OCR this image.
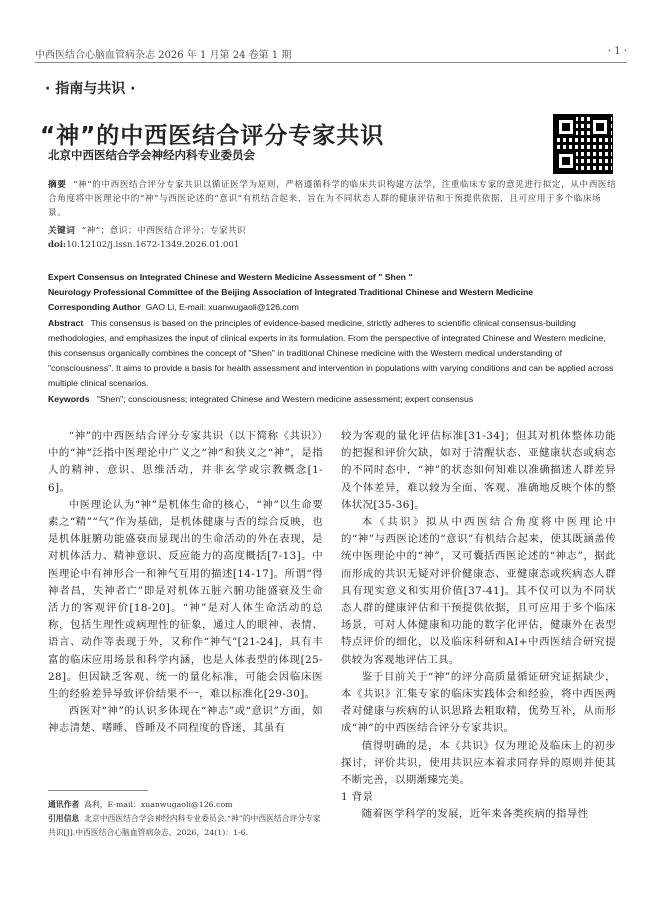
中西医结合心脑血管病杂志 2026 年 1 月第 24 卷第 1 期	· 1 ·
· 指南与共识 ·
“神”的中西医结合评分专家共识
北京中西医结合学会神经内科专业委员会
摘要 “神”的中西医结合评分专家共识以循证医学为原则，严格遵循科学的临床共识构建方法学，注重临床专家的意见进行拟定，从中西医结合角度将中医理论中的“神”与西医论述的“意识”有机结合起来，旨在为不同状态人群的健康评估和干预提供依据，且可应用于多个临床场景。
关键词 “神”；意识；中西医结合评分；专家共识
doi:10.12102/j.issn.1672-1349.2026.01.001
Expert Consensus on Integrated Chinese and Western Medicine Assessment of " Shen "
Neurology Professional Committee of the Beijing Association of Integrated Traditional Chinese and Western Medicine
Corresponding Author GAO Li, E-mail: xuanwugaoli@126.com
Abstract This consensus is based on the principles of evidence-based medicine, strictly adheres to scientific clinical consensus-building methodologies, and emphasizes the input of clinical experts in its formulation. From the perspective of integrated Chinese and Western medicine, this consensus organically combines the concept of "Shen" in traditional Chinese medicine with the Western medical understanding of "consciousness". It aims to provide a basis for health assessment and intervention in populations with varying conditions and can be applied across multiple clinical scenarios.
Keywords "Shen"; consciousness; integrated Chinese and Western medicine assessment; expert consensus

“神”的中西医结合评分专家共识（以下简称《共识》）中的“神”泛指中医理论中广义之“神”和狭义之“神”，是指人的精神、意识、思维活动，并非玄学或宗教概念[1-6]。

中医理论认为“神”是机体生命的核心，“神”以生命要素之“精”“气”作为基础，是机体健康与否的综合反映，也是机体脏腑功能盛衰而显现出的生命活动的外在表现，是对机体活力、精神意识、反应能力的高度概括[7-13]。中医理论中有神形合一和神气互用的描述[14-17]。所谓“得神者昌，失神者亡”即是对机体五脏六腑功能盛衰及生命活力的客观评价[18-20]。“神”是对人体生命活动的总称，包括生理性或病理性的征象，通过人的眼神、表情、语言、动作等表现于外，又称作“神气”[21-24]，具有丰富的临床应用场景和科学内涵，也是人体表型的体现[25-28]。但因缺乏客观、统一的量化标准，可能会因临床医生的经验差异导致评价结果不一，难以标准化[29-30]。

西医对“神”的认识多体现在“神志”或“意识”方面，如神志清楚、嗜睡、昏睡及不同程度的昏迷，其虽有

较为客观的量化评估标准[31-34]；但其对机体整体功能的把握和评价欠缺，如对于清醒状态、亚健康状态或病态的不同时态中，“神”的状态如何知难以准确描述人群差异及个体差异，难以较为全面、客观、准确地反映个体的整体状况[35-36]。

本《共识》拟从中西医结合角度将中医理论中的“神”与西医论述的“意识”有机结合起来，使其既涵盖传统中医理论中的“神”，又可囊括西医论述的“神志”，据此而形成的共识无疑对评价健康态、亚健康态或疾病态人群具有现实意义和实用价值[37-41]。其不仅可以为不同状态人群的健康评估和干预提供依据，且可应用于多个临床场景，可对人体健康和功能的数字化评估，健康外在表型特点评价的细化，以及临床科研和AI+中西医结合研究提供较为客观地评估工具。

鉴于目前关于“神”的评分高质量循证研究证据缺少，本《共识》汇集专家的临床实践体会和经验，将中西医两者对健康与疾病的认识思路去粗取精，优势互补，从而形成“神”的中西医结合评分专家共识。

值得明确的是，本《共识》仅为理论及临床上的初步探讨，评价共识，使用共识应本着求同存异的原则并使其不断完善，以期渐臻完美。

1 背景

随着医学科学的发展，近年来各类疾病的指导性

通讯作者 高利，E-mail：xuanwugaoli@126.com
引用信息 北京中西医结合学会神经内科专业委员会.“神”的中西医结合评分专家共识[J].中西医结合心脑血管病杂志，2026，24(1)：1-6.
